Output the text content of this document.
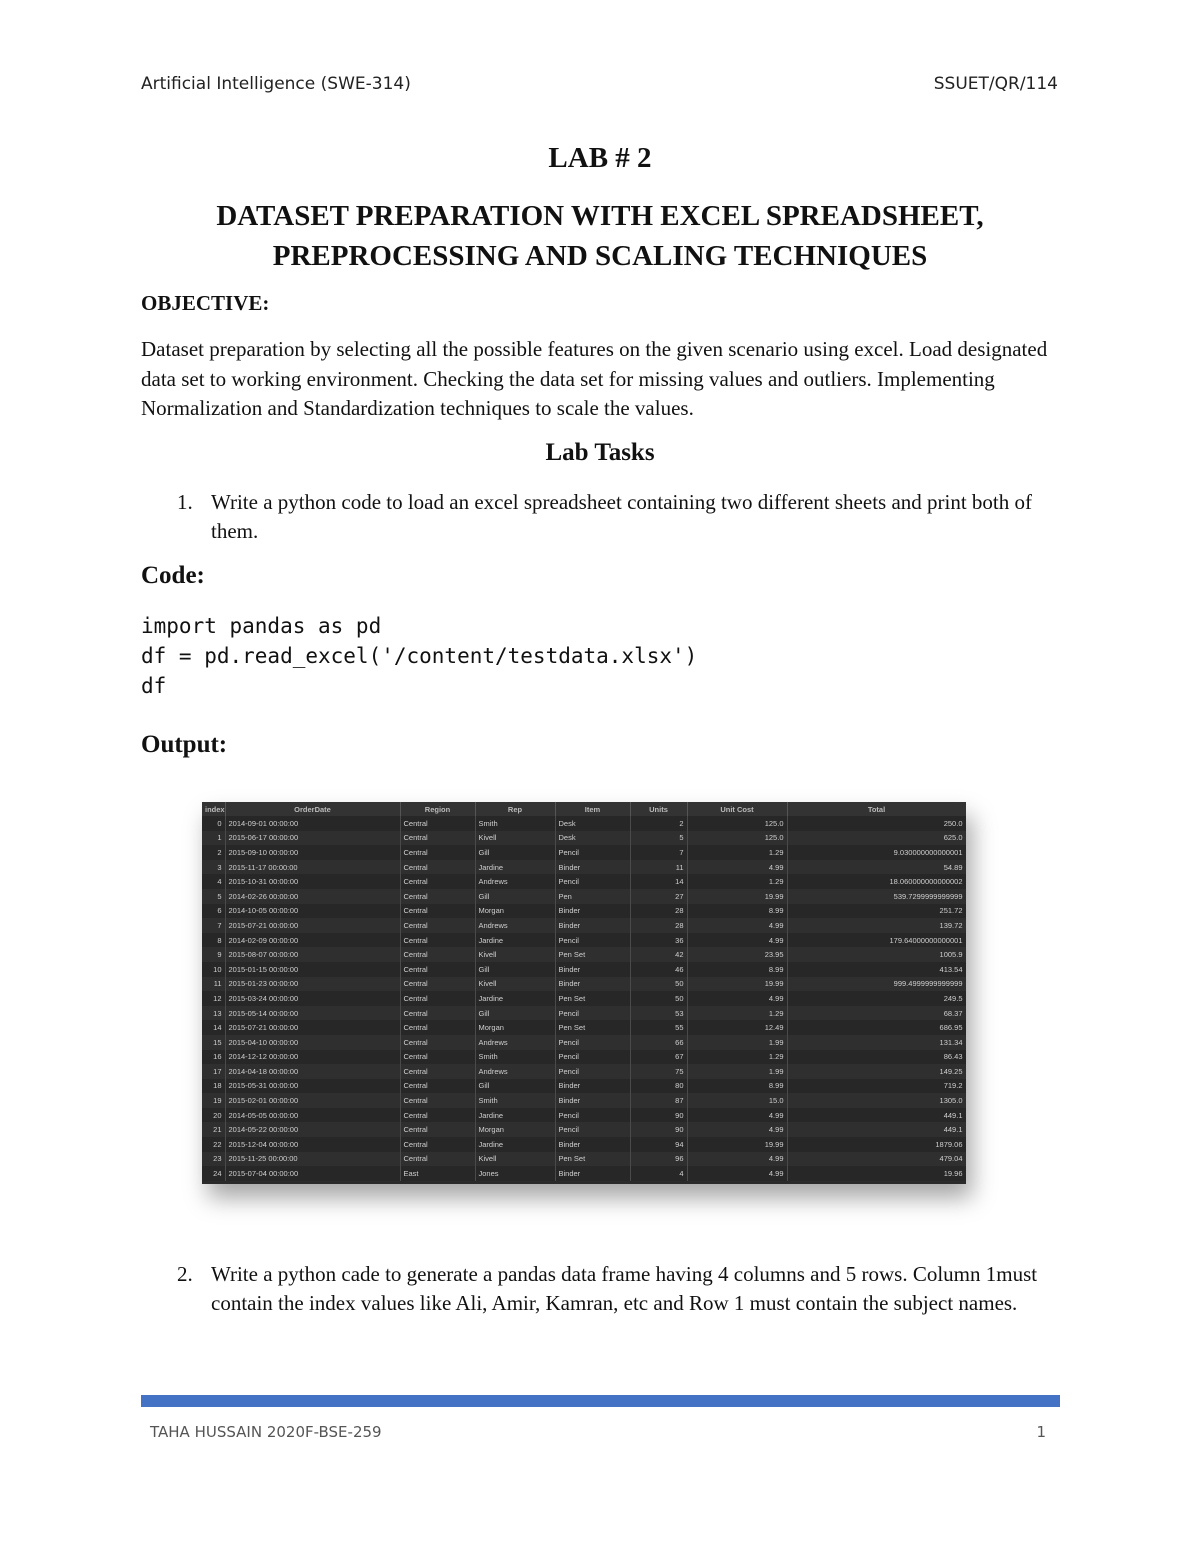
Artificial Intelligence (SWE-314)	SSUET/QR/114
LAB # 2
DATASET PREPARATION WITH EXCEL SPREADSHEET,
PREPROCESSING AND SCALING TECHNIQUES
OBJECTIVE:
Dataset preparation by selecting all the possible features on the given scenario using excel. Load designated data set to working environment. Checking the data set for missing values and outliers. Implementing Normalization and Standardization techniques to scale the values.
Lab Tasks
1. Write a python code to load an excel spreadsheet containing two different sheets and print both of them.
Code:
import pandas as pd
df = pd.read_excel('/content/testdata.xlsx')
df
Output:
index	OrderDate	Region	Rep	Item	Units	Unit Cost	Total
0	2014-09-01 00:00:00	Central	Smith	Desk	2	125.0	250.0
1	2015-06-17 00:00:00	Central	Kivell	Desk	5	125.0	625.0
2	2015-09-10 00:00:00	Central	Gill	Pencil	7	1.29	9.030000000000001
3	2015-11-17 00:00:00	Central	Jardine	Binder	11	4.99	54.89
4	2015-10-31 00:00:00	Central	Andrews	Pencil	14	1.29	18.060000000000002
5	2014-02-26 00:00:00	Central	Gill	Pen	27	19.99	539.7299999999999
6	2014-10-05 00:00:00	Central	Morgan	Binder	28	8.99	251.72
7	2015-07-21 00:00:00	Central	Andrews	Binder	28	4.99	139.72
8	2014-02-09 00:00:00	Central	Jardine	Pencil	36	4.99	179.64000000000001
9	2015-08-07 00:00:00	Central	Kivell	Pen Set	42	23.95	1005.9
10	2015-01-15 00:00:00	Central	Gill	Binder	46	8.99	413.54
11	2015-01-23 00:00:00	Central	Kivell	Binder	50	19.99	999.4999999999999
12	2015-03-24 00:00:00	Central	Jardine	Pen Set	50	4.99	249.5
13	2015-05-14 00:00:00	Central	Gill	Pencil	53	1.29	68.37
14	2015-07-21 00:00:00	Central	Morgan	Pen Set	55	12.49	686.95
15	2015-04-10 00:00:00	Central	Andrews	Pencil	66	1.99	131.34
16	2014-12-12 00:00:00	Central	Smith	Pencil	67	1.29	86.43
17	2014-04-18 00:00:00	Central	Andrews	Pencil	75	1.99	149.25
18	2015-05-31 00:00:00	Central	Gill	Binder	80	8.99	719.2
19	2015-02-01 00:00:00	Central	Smith	Binder	87	15.0	1305.0
20	2014-05-05 00:00:00	Central	Jardine	Pencil	90	4.99	449.1
21	2014-05-22 00:00:00	Central	Morgan	Pencil	90	4.99	449.1
22	2015-12-04 00:00:00	Central	Jardine	Binder	94	19.99	1879.06
23	2015-11-25 00:00:00	Central	Kivell	Pen Set	96	4.99	479.04
24	2015-07-04 00:00:00	East	Jones	Binder	4	4.99	19.96
2. Write a python cade to generate a pandas data frame having 4 columns and 5 rows. Column 1must contain the index values like Ali, Amir, Kamran, etc and Row 1 must contain the subject names.
TAHA HUSSAIN 2020F-BSE-259	1
